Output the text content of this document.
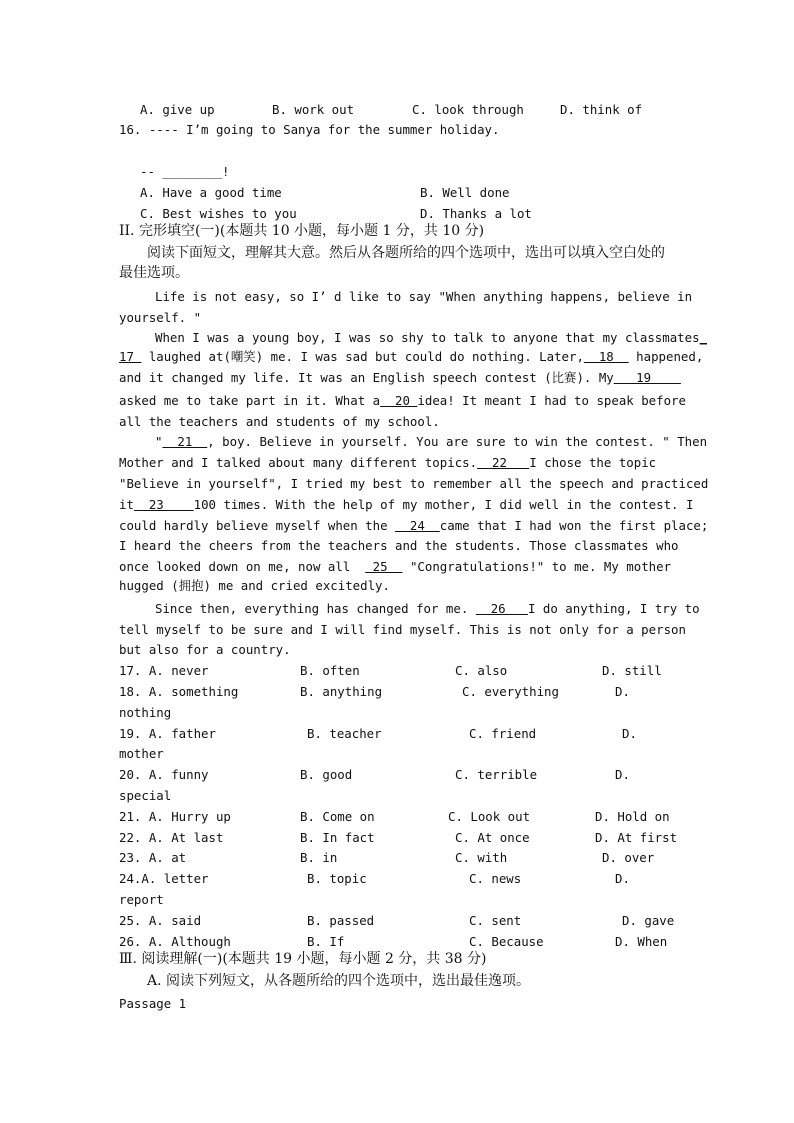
A. give up	B. work out	C. look through	D. think of
16. ---- I’m going to Sanya for the summer holiday.
-- ________!
A. Have a good time	B. Well done
C. Best wishes to you	D. Thanks a lot
II. 完形填空(一)(本题共 10 小题，每小题 1 分，共 10 分)
阅读下面短文，理解其大意。然后从各题所给的四个选项中，选出可以填入空白处的
最佳选项。
Life is not easy, so I’ d like to say "When anything happens, believe in
yourself. "
When I was a young boy, I was so shy to talk to anyone that my classmates_
17  laughed at(嘲笑) me. I was sad but could do nothing. Later,  18   happened,
and it changed my life. It was an English speech contest (比赛). My   19
asked me to take part in it. What a  20 idea! It meant I had to speak before
all the teachers and students of my school.
"  21  , boy. Believe in yourself. You are sure to win the contest. " Then
Mother and I talked about many different topics.  22   I chose the topic
"Believe in yourself", I tried my best to remember all the speech and practiced
it  23    100 times. With the help of my mother, I did well in the contest. I
could hardly believe myself when the   24  came that I had won the first place;
I heard the cheers from the teachers and the students. Those classmates who
once looked down on me, now all   25   "Congratulations!" to me. My mother
hugged (拥抱) me and cried excitedly.
Since then, everything has changed for me.   26   I do anything, I try to
tell myself to be sure and I will find myself. This is not only for a person
but also for a country.
17. A. never	B. often	C. also	D. still
18. A. something	B. anything	C. everything	D.
nothing
19. A. father	B. teacher	C. friend	D.
mother
20. A. funny	B. good	C. terrible	D.
special
21. A. Hurry up	B. Come on	C. Look out	D. Hold on
22. A. At last	B. In fact	C. At once	D. At first
23. A. at	B. in	C. with	D. over
24.A. letter	B. topic	C. news	D.
report
25. A. said	B. passed	C. sent	D. gave
26. A. Although	B. If	C. Because	D. When
Ⅲ. 阅读理解(一)(本题共 19 小题，每小题 2 分，共 38 分)
A. 阅读下列短文，从各题所给的四个选项中，选出最佳逸项。
Passage 1
